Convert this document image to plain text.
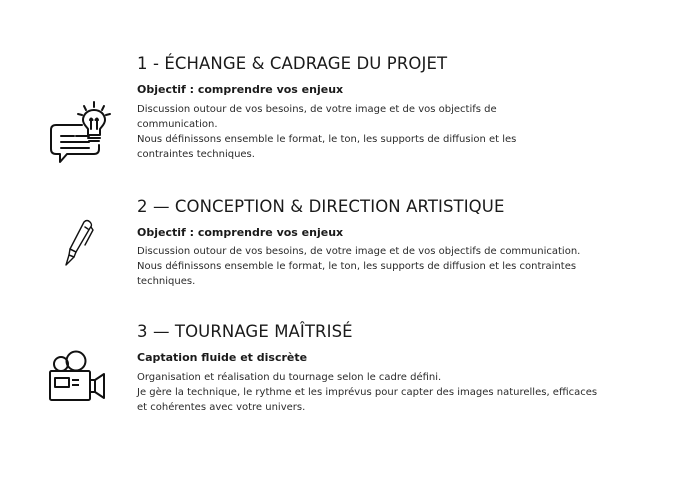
1 - ÉCHANGE & CADRAGE DU PROJET
Objectif : comprendre vos enjeux

Discussion outour de vos besoins, de votre image et de vos objectifs de
communication.
Nous définissons ensemble le format, le ton, les supports de diffusion et les
contraintes techniques.

2 — CONCEPTION & DIRECTION ARTISTIQUE
Objectif : comprendre vos enjeux

Discussion outour de vos besoins, de votre image et de vos objectifs de communication.
Nous définissons ensemble le format, le ton, les supports de diffusion et les contraintes
techniques.

3 — TOURNAGE MAÎTRISÉ
Captation fluide et discrète

Organisation et réalisation du tournage selon le cadre défini.
Je gère la technique, le rythme et les imprévus pour capter des images naturelles, efficaces
et cohérentes avec votre univers.
